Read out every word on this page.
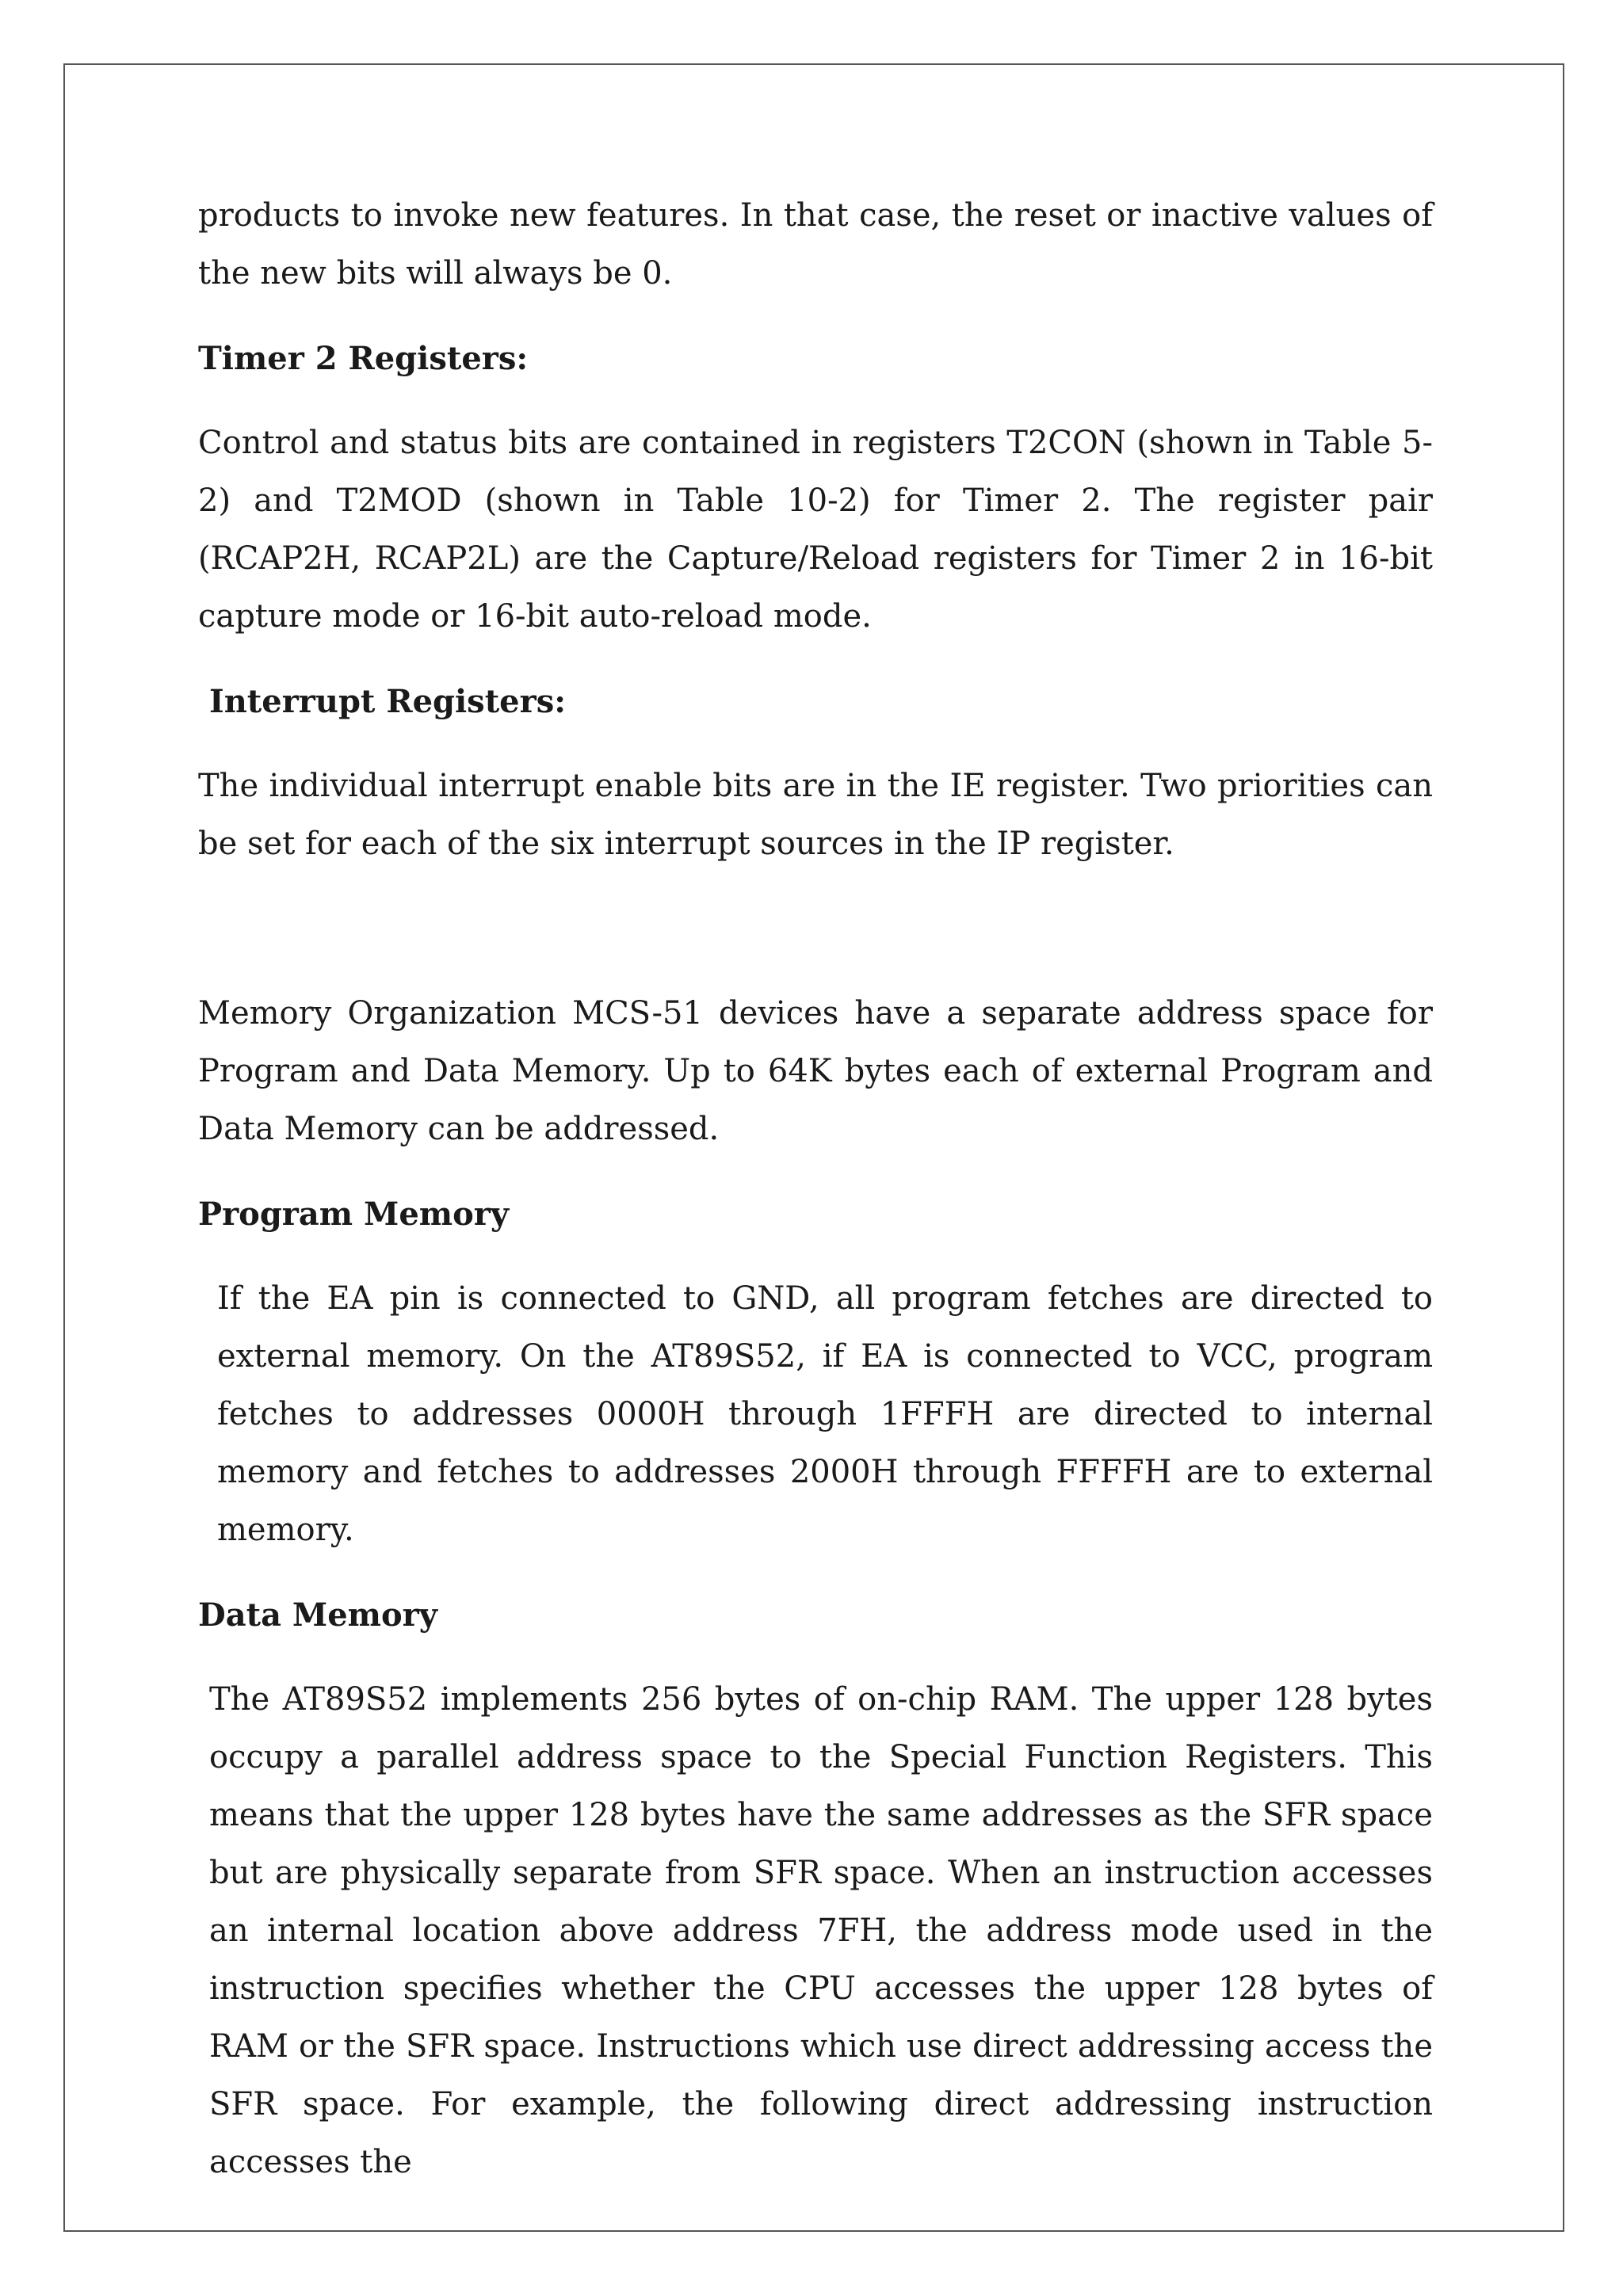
products to invoke new features. In that case, the reset or inactive values of the new bits will always be 0.

Timer 2 Registers:

Control and status bits are contained in registers T2CON (shown in Table 5-2) and T2MOD (shown in Table 10-2) for Timer 2. The register pair (RCAP2H, RCAP2L) are the Capture/Reload registers for Timer 2 in 16-bit capture mode or 16-bit auto-reload mode.

Interrupt Registers:

The individual interrupt enable bits are in the IE register. Two priorities can be set for each of the six interrupt sources in the IP register.

Memory Organization MCS-51 devices have a separate address space for Program and Data Memory. Up to 64K bytes each of external Program and Data Memory can be addressed.

Program Memory

If the EA pin is connected to GND, all program fetches are directed to external memory. On the AT89S52, if EA is connected to VCC, program fetches to addresses 0000H through 1FFFH are directed to internal memory and fetches to addresses 2000H through FFFFH are to external memory.

Data Memory

The AT89S52 implements 256 bytes of on-chip RAM. The upper 128 bytes occupy a parallel address space to the Special Function Registers. This means that the upper 128 bytes have the same addresses as the SFR space but are physically separate from SFR space. When an instruction accesses an internal location above address 7FH, the address mode used in the instruction specifies whether the CPU accesses the upper 128 bytes of RAM or the SFR space. Instructions which use direct addressing access the SFR space. For example, the following direct addressing instruction accesses the
